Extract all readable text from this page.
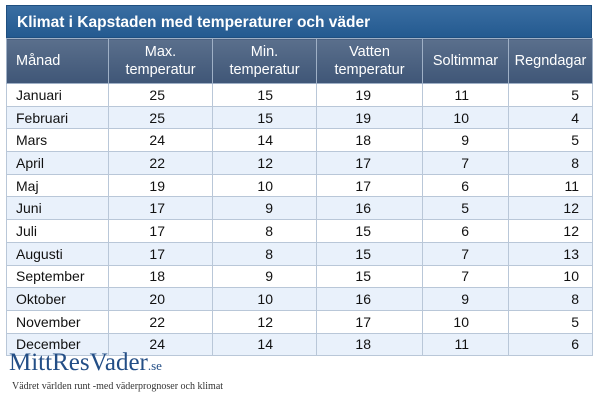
Klimat i Kapstaden med temperaturer och väder
Månad	Max. temperatur	Min. temperatur	Vatten temperatur	Soltimmar	Regndagar
Januari	25	15	19	11	5
Februari	25	15	19	10	4
Mars	24	14	18	9	5
April	22	12	17	7	8
Maj	19	10	17	6	11
Juni	17	9	16	5	12
Juli	17	8	15	6	12
Augusti	17	8	15	7	13
September	18	9	15	7	10
Oktober	20	10	16	9	8
November	22	12	17	10	5
December	24	14	18	11	6
MittResVader.se
Vädret världen runt -med väderprognoser och klimat
